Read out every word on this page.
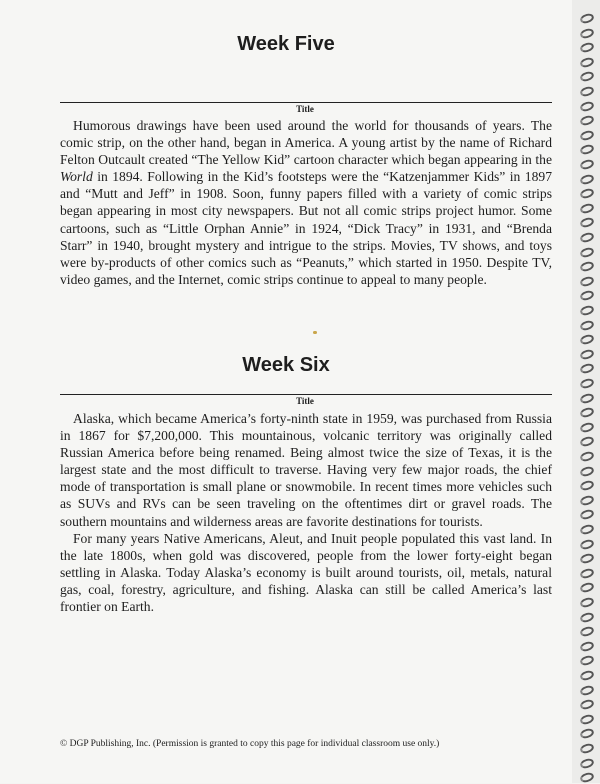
Week Five
Title

Humorous drawings have been used around the world for thousands of years. The comic strip, on the other hand, began in America. A young artist by the name of Richard Felton Outcault created “The Yellow Kid” cartoon character which began appearing in the World in 1894. Following in the Kid’s footsteps were the “Katzenjammer Kids” in 1897 and “Mutt and Jeff” in 1908. Soon, funny papers filled with a variety of comic strips began appearing in most city newspapers. But not all comic strips project humor. Some cartoons, such as “Little Orphan Annie” in 1924, “Dick Tracy” in 1931, and “Brenda Starr” in 1940, brought mystery and intrigue to the strips. Movies, TV shows, and toys were by-products of other comics such as “Peanuts,” which started in 1950. Despite TV, video games, and the Internet, comic strips continue to appeal to many people.

Week Six
Title

Alaska, which became America’s forty-ninth state in 1959, was purchased from Russia in 1867 for $7,200,000. This mountainous, volcanic territory was originally called Russian America before being renamed. Being almost twice the size of Texas, it is the largest state and the most difficult to traverse. Having very few major roads, the chief mode of transportation is small plane or snowmobile. In recent times more vehicles such as SUVs and RVs can be seen traveling on the oftentimes dirt or gravel roads. The southern mountains and wilderness areas are favorite destinations for tourists.

For many years Native Americans, Aleut, and Inuit people populated this vast land. In the late 1800s, when gold was discovered, people from the lower forty-eight began settling in Alaska. Today Alaska’s economy is built around tourists, oil, metals, natural gas, coal, forestry, agriculture, and fishing. Alaska can still be called America’s last frontier on Earth.

© DGP Publishing, Inc. (Permission is granted to copy this page for individual classroom use only.)
